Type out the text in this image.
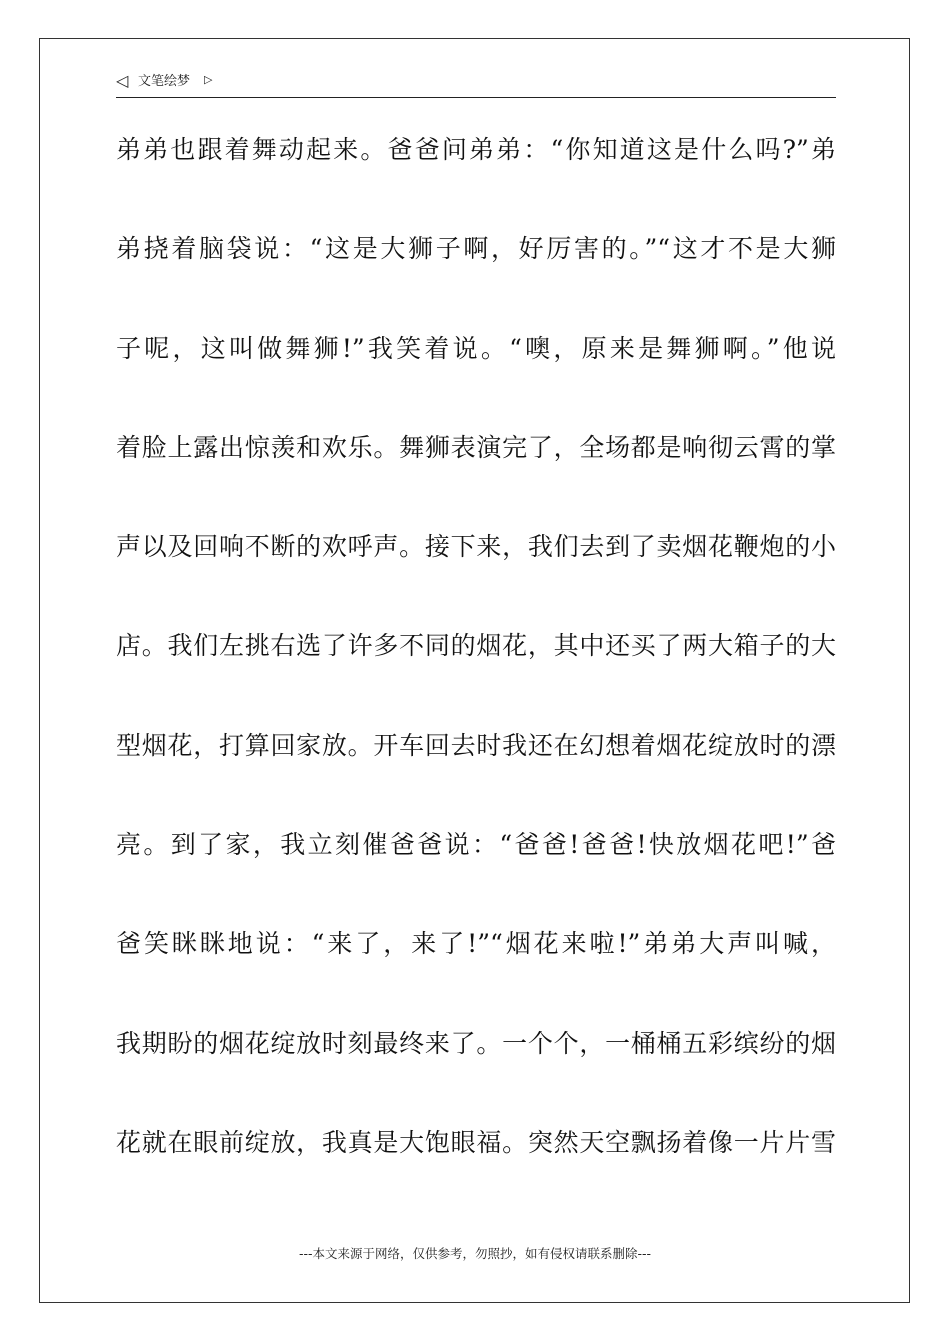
◁ 文笔绘梦 ▷
弟弟也跟着舞动起来。爸爸问弟弟：“你知道这是什么吗?”弟
弟挠着脑袋说：“这是大狮子啊，好厉害的。”“这才不是大狮
子呢，这叫做舞狮!”我笑着说。“噢，原来是舞狮啊。”他说
着脸上露出惊羡和欢乐。舞狮表演完了，全场都是响彻云霄的掌
声以及回响不断的欢呼声。接下来，我们去到了卖烟花鞭炮的小
店。我们左挑右选了许多不同的烟花，其中还买了两大箱子的大
型烟花，打算回家放。开车回去时我还在幻想着烟花绽放时的漂
亮。到了家，我立刻催爸爸说：“爸爸!爸爸!快放烟花吧!”爸
爸笑眯眯地说：“来了，来了!”“烟花来啦!”弟弟大声叫喊，
我期盼的烟花绽放时刻最终来了。一个个，一桶桶五彩缤纷的烟
花就在眼前绽放，我真是大饱眼福。突然天空飘扬着像一片片雪
---本文来源于网络，仅供参考，勿照抄，如有侵权请联系删除---
